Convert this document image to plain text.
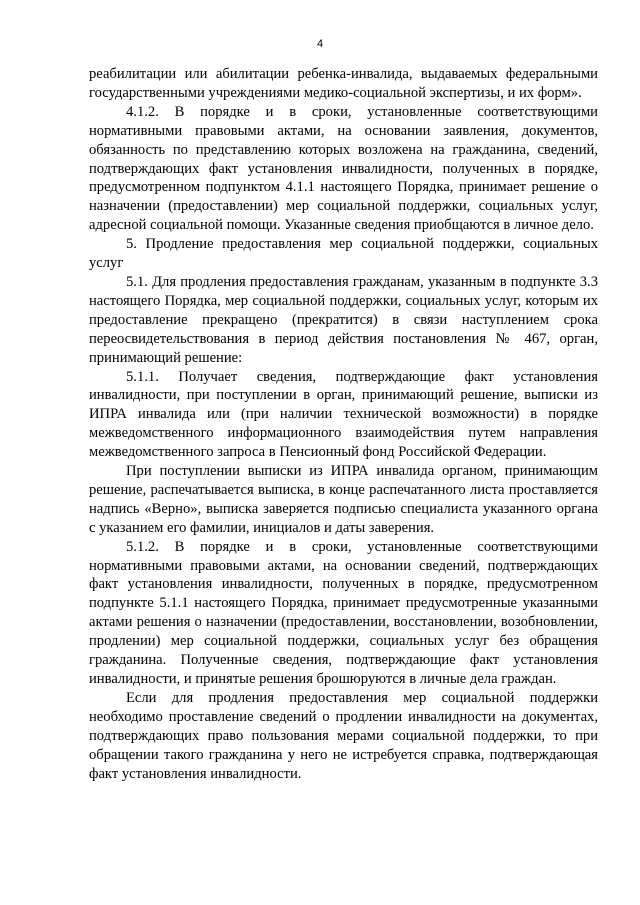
4

реабилитации или абилитации ребенка-инвалида, выдаваемых федеральными государственными учреждениями медико-социальной экспертизы, и их форм».

4.1.2. В порядке и в сроки, установленные соответствующими нормативными правовыми актами, на основании заявления, документов, обязанность по представлению которых возложена на гражданина, сведений, подтверждающих факт установления инвалидности, полученных в порядке, предусмотренном подпунктом 4.1.1 настоящего Порядка, принимает решение о назначении (предоставлении) мер социальной поддержки, социальных услуг, адресной социальной помощи. Указанные сведения приобщаются в личное дело.

5. Продление предоставления мер социальной поддержки, социальных услуг

5.1. Для продления предоставления гражданам, указанным в подпункте 3.3 настоящего Порядка, мер социальной поддержки, социальных услуг, которым их предоставление прекращено (прекратится) в связи наступлением срока переосвидетельствования в период действия постановления № 467, орган, принимающий решение:

5.1.1. Получает сведения, подтверждающие факт установления инвалидности, при поступлении в орган, принимающий решение, выписки из ИПРА инвалида или (при наличии технической возможности) в порядке межведомственного информационного взаимодействия путем направления межведомственного запроса в Пенсионный фонд Российской Федерации.

При поступлении выписки из ИПРА инвалида органом, принимающим решение, распечатывается выписка, в конце распечатанного листа проставляется надпись «Верно», выписка заверяется подписью специалиста указанного органа с указанием его фамилии, инициалов и даты заверения.

5.1.2. В порядке и в сроки, установленные соответствующими нормативными правовыми актами, на основании сведений, подтверждающих факт установления инвалидности, полученных в порядке, предусмотренном подпункте 5.1.1 настоящего Порядка, принимает предусмотренные указанными актами решения о назначении (предоставлении, восстановлении, возобновлении, продлении) мер социальной поддержки, социальных услуг без обращения гражданина. Полученные сведения, подтверждающие факт установления инвалидности, и принятые решения брошюруются в личные дела граждан.

Если для продления предоставления мер социальной поддержки необходимо проставление сведений о продлении инвалидности на документах, подтверждающих право пользования мерами социальной поддержки, то при обращении такого гражданина у него не истребуется справка, подтверждающая факт установления инвалидности.
